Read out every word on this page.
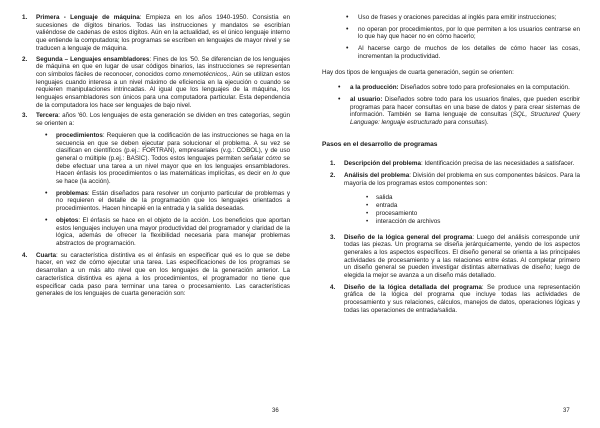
1. Primera - Lenguaje de máquina: Empieza en los años 1940-1950. Consistía en sucesiones de dígitos binarios. Todas las instrucciones y mandatos se escribían valiéndose de cadenas de estos dígitos. Aún en la actualidad, es el único lenguaje interno que entiende la computadora; los programas se escriben en lenguajes de mayor nivel y se traducen a lenguaje de máquina.
2. Segunda – Lenguajes ensambladores: Fines de los '50. Se diferencian de los lenguajes de máquina en que en lugar de usar códigos binarios, las instrucciones se representan con símbolos fáciles de reconocer, conocidos como mnemotécnicos,. Aún se utilizan estos lenguajes cuando interesa a un nivel máximo de eficiencia en la ejecución o cuando se requieren manipulaciones intrincadas. Al igual que los lenguajes de la máquina, los lenguajes ensambladores son únicos para una computadora particular. Esta dependencia de la computadora los hace ser lenguajes de bajo nivel.
3. Tercera: años '60. Los lenguajes de esta generación se dividen en tres categorías, según se orienten a:
• procedimientos: Requieren que la codificación de las instrucciones se haga en la secuencia en que se deben ejecutar para solucionar el problema. A su vez se clasifican en científicos (p.ej.: FORTRAN), empresariales (v.g.: COBOL), y de uso general o múltiple (p.ej.: BASIC). Todos estos lenguajes permiten señalar cómo se debe efectuar una tarea a un nivel mayor que en los lenguajes ensambladores. Hacen énfasis los procedimientos o las matemáticas implícitas, es decir en lo que se hace (la acción).
• problemas: Están diseñados para resolver un conjunto particular de problemas y no requieren el detalle de la programación que los lenguajes orientados a procedimientos. Hacen hincapié en la entrada y la salida deseadas.
• objetos: El énfasis se hace en el objeto de la acción. Los beneficios que aportan estos lenguajes incluyen una mayor productividad del programador y claridad de la lógica, además de ofrecer la flexibilidad necesaria para manejar problemas abstractos de programación.
4. Cuarta: su característica distintiva es el énfasis en especificar qué es lo que se debe hacer, en vez de cómo ejecutar una tarea. Las especificaciones de los programas se desarrollan a un más alto nivel que en los lenguajes de la generación anterior. La característica distintiva es ajena a los procedimientos, el programador no tiene que especificar cada paso para terminar una tarea o procesamiento. Las características generales de los lenguajes de cuarta generación son:
36
• Uso de frases y oraciones parecidas al inglés para emitir instrucciones;
• no operan por procedimientos, por lo que permiten a los usuarios centrarse en lo que hay que hacer no en cómo hacerlo;
• Al hacerse cargo de muchos de los detalles de cómo hacer las cosas, incrementan la productividad.

Hay dos tipos de lenguajes de cuarta generación, según se orienten:

• a la producción: Diseñados sobre todo para profesionales en la computación.
• al usuario: Diseñados sobre todo para los usuarios finales, que pueden escribir programas para hacer consultas en una base de datos y para crear sistemas de información. También se llama lenguaje de consultas (SQL, Structured Query Language: lenguaje estructurado para consultas).

Pasos en el desarrollo de programas

1. Descripción del problema: Identificación precisa de las necesidades a satisfacer.
2. Análisis del problema: División del problema en sus componentes básicos. Para la mayoría de los programas estos componentes son:
• salida
• entrada
• procesamiento
• interacción de archivos
3. Diseño de la lógica general del programa: Luego del análisis corresponde unir todas las piezas. Un programa se diseña jerárquicamente, yendo de los aspectos generales a los aspectos específicos. El diseño general se orienta a las principales actividades de procesamiento y a las relaciones entre éstas. Al completar primero un diseño general se pueden investigar distintas alternativas de diseño; luego de elegida la mejor se avanza a un diseño más detallado.
4. Diseño de la lógica detallada del programa: Se produce una representación gráfica de la lógica del programa que incluye todas las actividades de procesamiento y sus relaciones, cálculos, manejos de datos, operaciones lógicas y todas las operaciones de entrada/salida.
37
